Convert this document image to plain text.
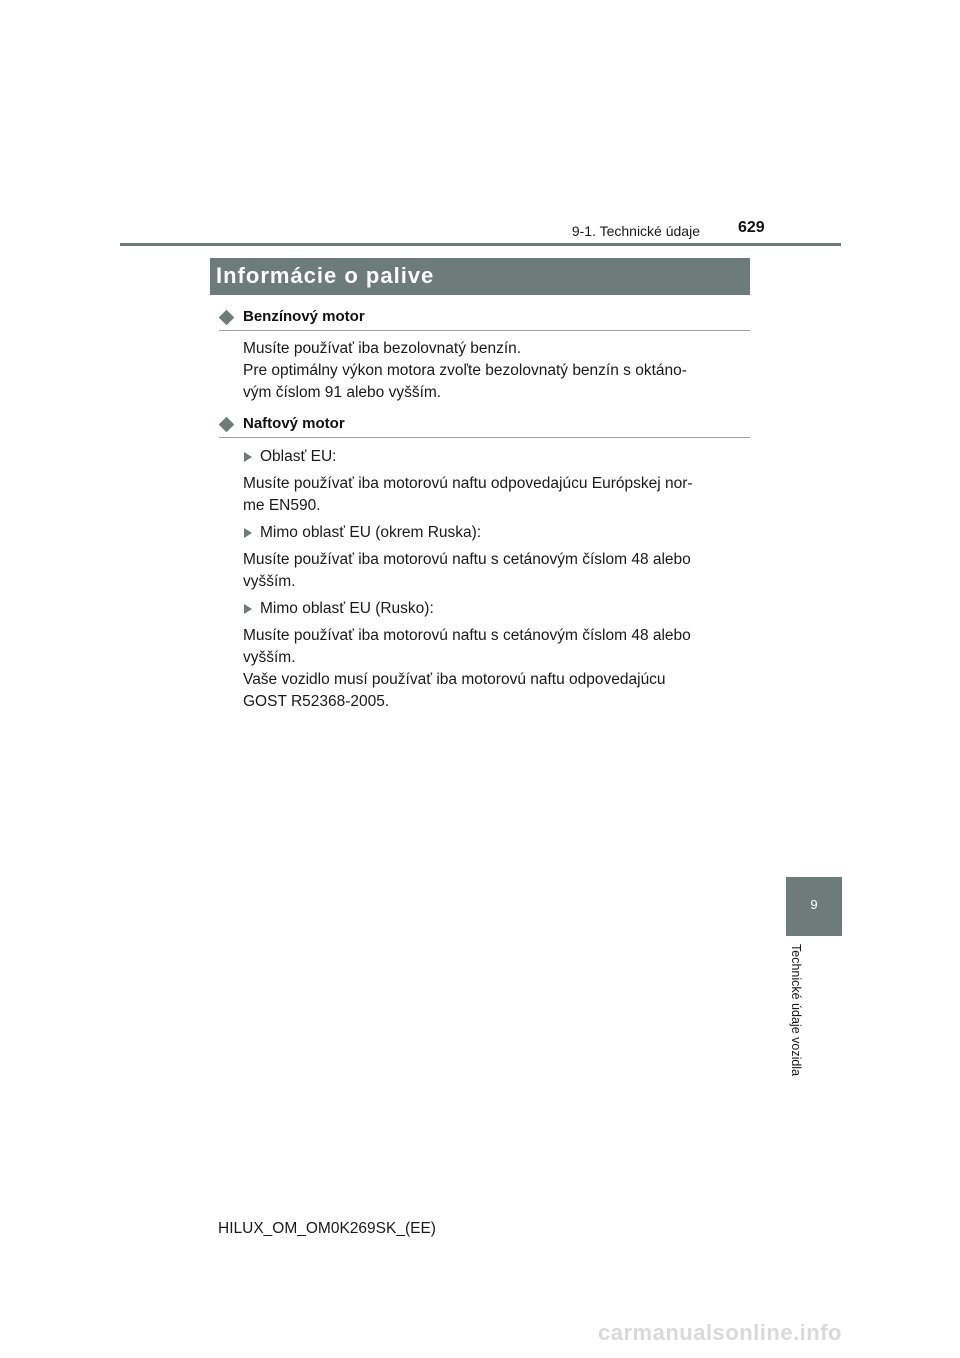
9-1. Technické údaje 629
Informácie o palive
Benzínový motor

Musíte používať iba bezolovnatý benzín.

Pre optimálny výkon motora zvoľte bezolovnatý benzín s oktáno-

vým číslom 91 alebo vyšším.

Naftový motor
Oblasť EU:

Musíte používať iba motorovú naftu odpovedajúcu Európskej nor-

me EN590.

Mimo oblasť EU (okrem Ruska):

Musíte používať iba motorovú naftu s cetánovým číslom 48 alebo

vyšším.

Mimo oblasť EU (Rusko):

Musíte používať iba motorovú naftu s cetánovým číslom 48 alebo

vyšším.

Vaše vozidlo musí používať iba motorovú naftu odpovedajúcu

GOST R52368-2005.

9
Technické údaje vozidla
HILUX_OM_OM0K269SK_(EE)
carmanualsonline.info
